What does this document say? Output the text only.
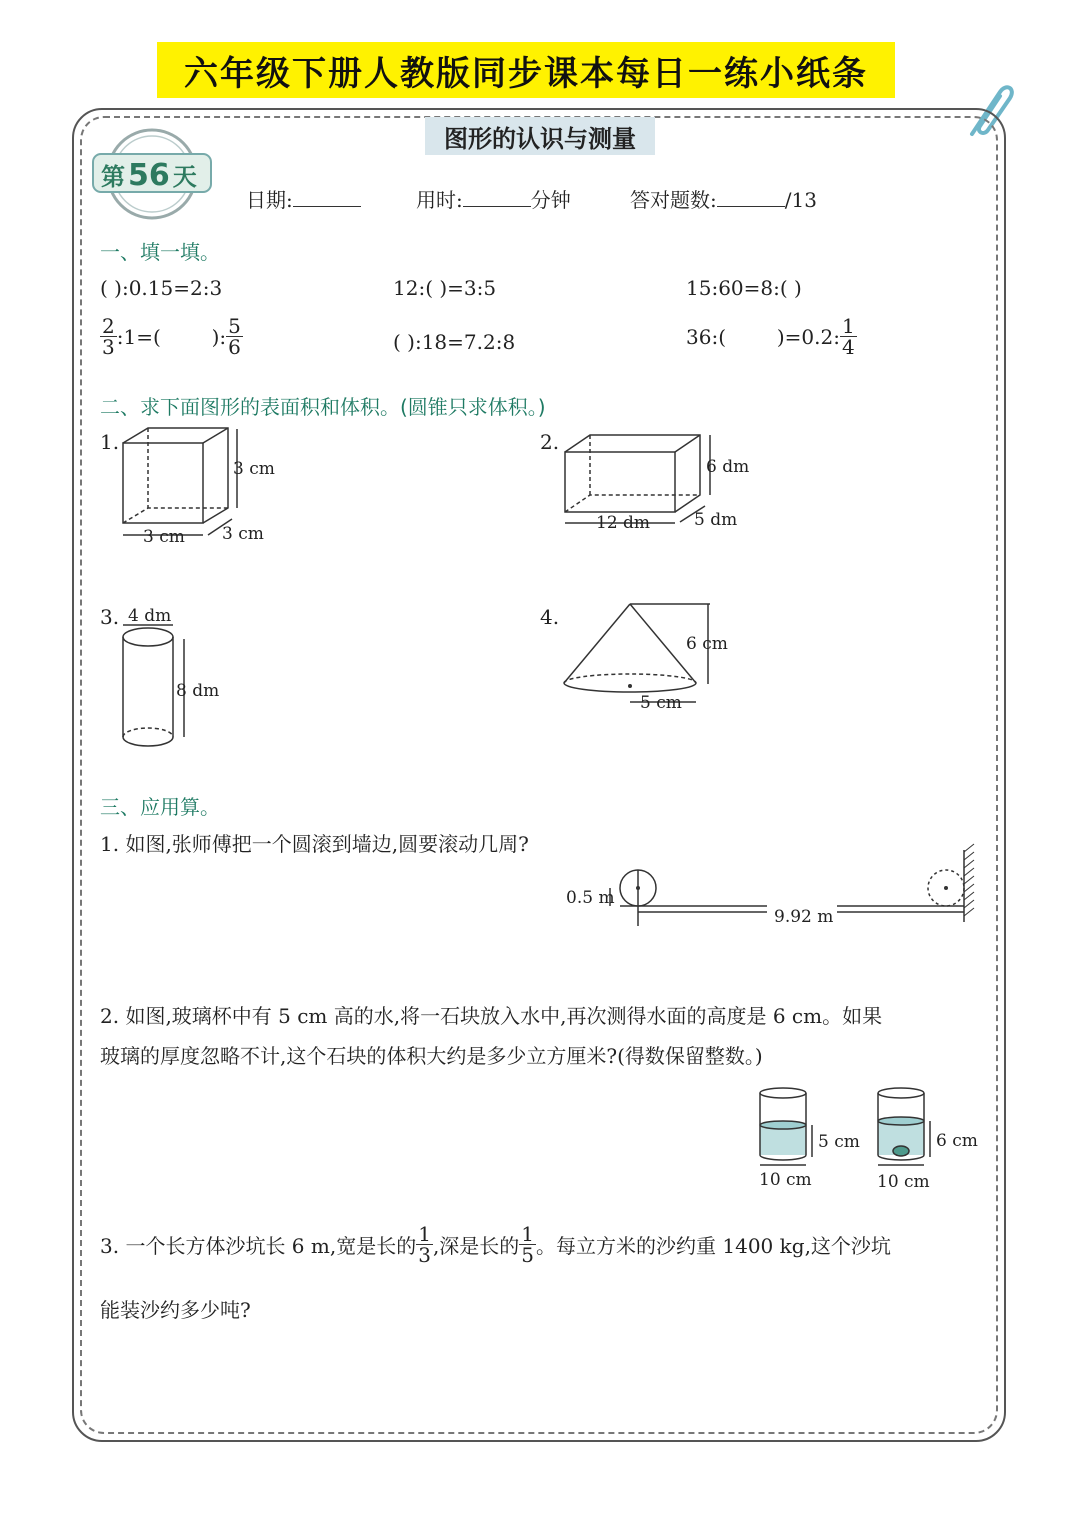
六年级下册人教版同步课本每日一练小纸条
图形的认识与测量
第 56 天
日期:	用时:	分钟	答对题数:	/13
一、填一填。
( ):0.15=2:3	12:( )=3:5	15:60=8:( )
$\frac{2}{3}$ :1=(        ): $\frac{5}{6}$	( ):18=7.2:8	36:(        )=0.2: $\frac{1}{4}$
二、求下面图形的表面积和体积。(圆锥只求体积。)
1.
3 cm
3 cm 3 cm
2.
6 dm
12 dm	5 dm
3. 4 dm
8 dm
4.
6 cm
5 cm
三、应用算。
1. 如图,张师傅把一个圆滚到墙边,圆要滚动几周?
0.5 m
9.92 m
2. 如图,玻璃杯中有 5 cm 高的水,将一石块放入水中,再次测得水面的高度是 6 cm。如果
玻璃的厚度忽略不计,这个石块的体积大约是多少立方厘米?(得数保留整数。)
5 cm
10 cm
6 cm
10 cm
3. 一个长方体沙坑长 6 m,宽是长的 $\frac{1}{3}$ ,深是长的 $\frac{1}{5}$ 。每立方米的沙约重 1400 kg,这个沙坑
能装沙约多少吨?
